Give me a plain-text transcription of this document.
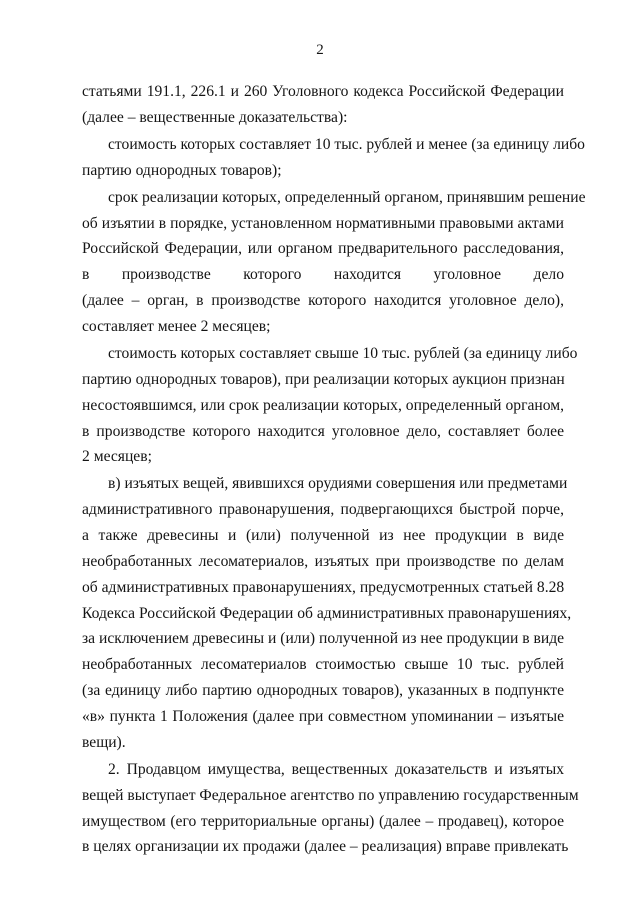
2
статьями 191.1, 226.1 и 260 Уголовного кодекса Российской Федерации
(далее – вещественные доказательства):
стоимость которых составляет 10 тыс. рублей и менее (за единицу либо
партию однородных товаров);
срок реализации которых, определенный органом, принявшим решение
об изъятии в порядке, установленном нормативными правовыми актами
Российской Федерации, или органом предварительного расследования,
в производстве которого находится уголовное дело
(далее – орган, в производстве которого находится уголовное дело),
составляет менее 2 месяцев;
стоимость которых составляет свыше 10 тыс. рублей (за единицу либо
партию однородных товаров), при реализации которых аукцион признан
несостоявшимся, или срок реализации которых, определенный органом,
в производстве которого находится уголовное дело, составляет более
2 месяцев;
в) изъятых вещей, явившихся орудиями совершения или предметами
административного правонарушения, подвергающихся быстрой порче,
а также древесины и (или) полученной из нее продукции в виде
необработанных лесоматериалов, изъятых при производстве по делам
об административных правонарушениях, предусмотренных статьей 8.28
Кодекса Российской Федерации об административных правонарушениях,
за исключением древесины и (или) полученной из нее продукции в виде
необработанных лесоматериалов стоимостью свыше 10 тыс. рублей
(за единицу либо партию однородных товаров), указанных в подпункте
«в» пункта 1 Положения (далее при совместном упоминании – изъятые
вещи).
2. Продавцом имущества, вещественных доказательств и изъятых
вещей выступает Федеральное агентство по управлению государственным
имуществом (его территориальные органы) (далее – продавец), которое
в целях организации их продажи (далее – реализация) вправе привлекать
